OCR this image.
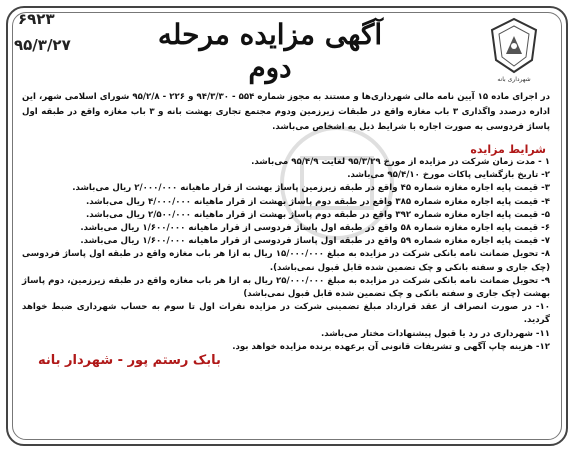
۶۹۲۳
۹۵/۳/۲۷	آگهی مزایده مرحله دوم	شهرداری بانه
در اجرای ماده ۱۵ آیین نامه مالی شهرداری‌ها و مستند به مجوز شماره ۵۵۴ - ۹۴/۳/۳۰ و ۲۲۶ - ۹۵/۲/۸ شورای اسلامی شهر، این اداره درصدد واگذاری ۳ باب مغازه واقع در طبقات زیرزمین ودوم مجتمع تجاری بهشت بانه و ۳ باب مغازه واقع در طبقه اول پاساژ فردوسی به صورت اجاره با شرایط ذیل به اشخاص می‌باشد.
شرایط مزایده
۱ - مدت زمان شرکت در مزایده از مورخ ۹۵/۳/۲۹ لغایت ۹۵/۴/۹ می‌باشد.
۲- تاریخ بازگشایی پاکات مورخ ۹۵/۴/۱۰ می‌باشد.
۳- قیمت پایه اجاره مغازه شماره ۴۵ واقع در طبقه زیرزمین پاساژ بهشت از قرار ماهیانه ۲/۰۰۰/۰۰۰ ریال می‌باشد.
۴- قیمت پایه اجاره مغازه شماره ۳۸۵ واقع در طبقه دوم پاساژ بهشت از قرار ماهیانه ۴/۰۰۰/۰۰۰ ریال می‌باشد.
۵- قیمت پایه اجاره مغازه شماره ۳۹۲ واقع در طبقه دوم پاساژ بهشت از قرار ماهیانه ۲/۵۰۰/۰۰۰ ریال می‌باشد.
۶- قیمت پایه اجاره مغازه شماره ۵۸ واقع در طبقه اول پاساژ فردوسی از قرار ماهیانه ۱/۶۰۰/۰۰۰ ریال می‌باشد.
۷- قیمت پایه اجاره مغازه شماره ۵۹ واقع در طبقه اول پاساژ فردوسی از قرار ماهیانه ۱/۶۰۰/۰۰۰ ریال می‌باشد.
۸- تحویل ضمانت نامه بانکی شرکت در مزایده به مبلغ ۱۵/۰۰۰/۰۰۰ ریال به ازا هر باب مغازه واقع در طبقه اول پاساژ فردوسی (چک جاری و سفته بانکی و چک تضمین شده قابل قبول نمی‌باشد).
۹- تحویل ضمانت نامه بانکی شرکت در مزایده به مبلغ ۲۵/۰۰۰/۰۰۰ ریال به ازا هر باب مغازه واقع در طبقه زیرزمین، دوم پاساژ بهشت (چک جاری و سفته بانکی و چک تضمین شده قابل قبول نمی‌باشد)
۱۰- در صورت انصراف از عقد قرارداد مبلغ تضمینی شرکت در مزایده نفرات اول تا سوم به حساب شهرداری ضبط خواهد گردید.
۱۱- شهرداری در رد یا قبول پیشنهادات مختار می‌باشد.
۱۲- هزینه چاپ آگهی و تشریفات قانونی آن برعهده برنده مزایده خواهد بود.
بابک رستم پور - شهردار بانه
